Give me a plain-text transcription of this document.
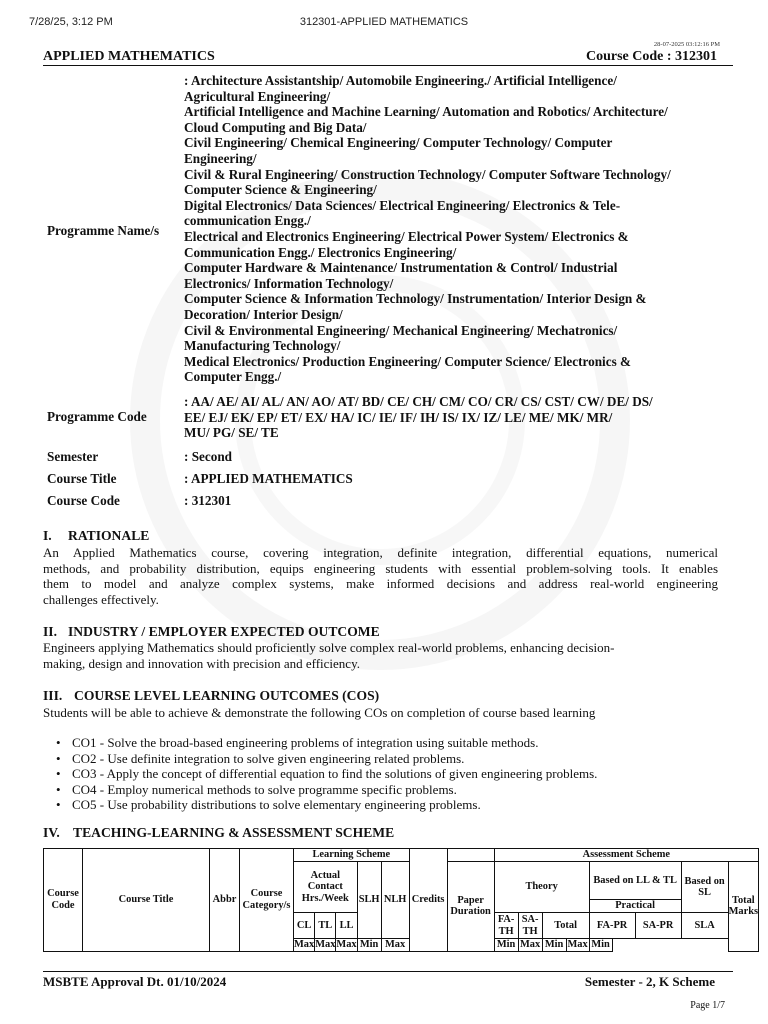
7/28/25, 3:12 PM	312301-APPLIED MATHEMATICS
28-07-2025 03:12:16 PM
APPLIED MATHEMATICS	Course Code : 312301
Programme Name/s
: Architecture Assistantship/ Automobile Engineering./ Artificial Intelligence/
Agricultural Engineering/
Artificial Intelligence and Machine Learning/ Automation and Robotics/ Architecture/
Cloud Computing and Big Data/
Civil Engineering/ Chemical Engineering/ Computer Technology/ Computer
Engineering/
Civil & Rural Engineering/ Construction Technology/ Computer Software Technology/
Computer Science & Engineering/
Digital Electronics/ Data Sciences/ Electrical Engineering/ Electronics & Tele-
communication Engg./
Electrical and Electronics Engineering/ Electrical Power System/ Electronics &
Communication Engg./ Electronics Engineering/
Computer Hardware & Maintenance/ Instrumentation & Control/ Industrial
Electronics/ Information Technology/
Computer Science & Information Technology/ Instrumentation/ Interior Design &
Decoration/ Interior Design/
Civil & Environmental Engineering/ Mechanical Engineering/ Mechatronics/
Manufacturing Technology/
Medical Electronics/ Production Engineering/ Computer Science/ Electronics &
Computer Engg./
Programme Code
: AA/ AE/ AI/ AL/ AN/ AO/ AT/ BD/ CE/ CH/ CM/ CO/ CR/ CS/ CST/ CW/ DE/ DS/
EE/ EJ/ EK/ EP/ ET/ EX/ HA/ IC/ IE/ IF/ IH/ IS/ IX/ IZ/ LE/ ME/ MK/ MR/
MU/ PG/ SE/ TE
Semester	: Second
Course Title	: APPLIED MATHEMATICS
Course Code	: 312301
I. RATIONALE
An Applied Mathematics course, covering integration, definite integration, differential equations, numerical
methods, and probability distribution, equips engineering students with essential problem-solving tools. It enables
them to model and analyze complex systems, make informed decisions and address real-world engineering
challenges effectively.
II. INDUSTRY / EMPLOYER EXPECTED OUTCOME
Engineers applying Mathematics should proficiently solve complex real-world problems, enhancing decision-
making, design and innovation with precision and efficiency.
III. COURSE LEVEL LEARNING OUTCOMES (COS)
Students will be able to achieve & demonstrate the following COs on completion of course based learning
• CO1 - Solve the broad-based engineering problems of integration using suitable methods.
• CO2 - Use definite integration to solve given engineering related problems.
• CO3 - Apply the concept of differential equation to find the solutions of given engineering problems.
• CO4 - Employ numerical methods to solve programme specific problems.
• CO5 - Use probability distributions to solve elementary engineering problems.
IV. TEACHING-LEARNING & ASSESSMENT SCHEME
Course Code	Course Title	Abbr	Course Category/s	Learning Scheme					Credits		Assessment Scheme							
				Actual Contact Hrs./Week			SLH	NLH		Paper Duration	Theory				Based on LL & TL		Based on SL	Total Marks
															Practical			
				CL	TL	LL					FA-TH	SA-TH	Total		FA-PR	SA-PR	SLA	
				Max	Max	Max	Min	Max			Min	Max	Min	Max	Min			
MSBTE Approval Dt. 01/10/2024	Semester - 2, K Scheme
Page 1/7
